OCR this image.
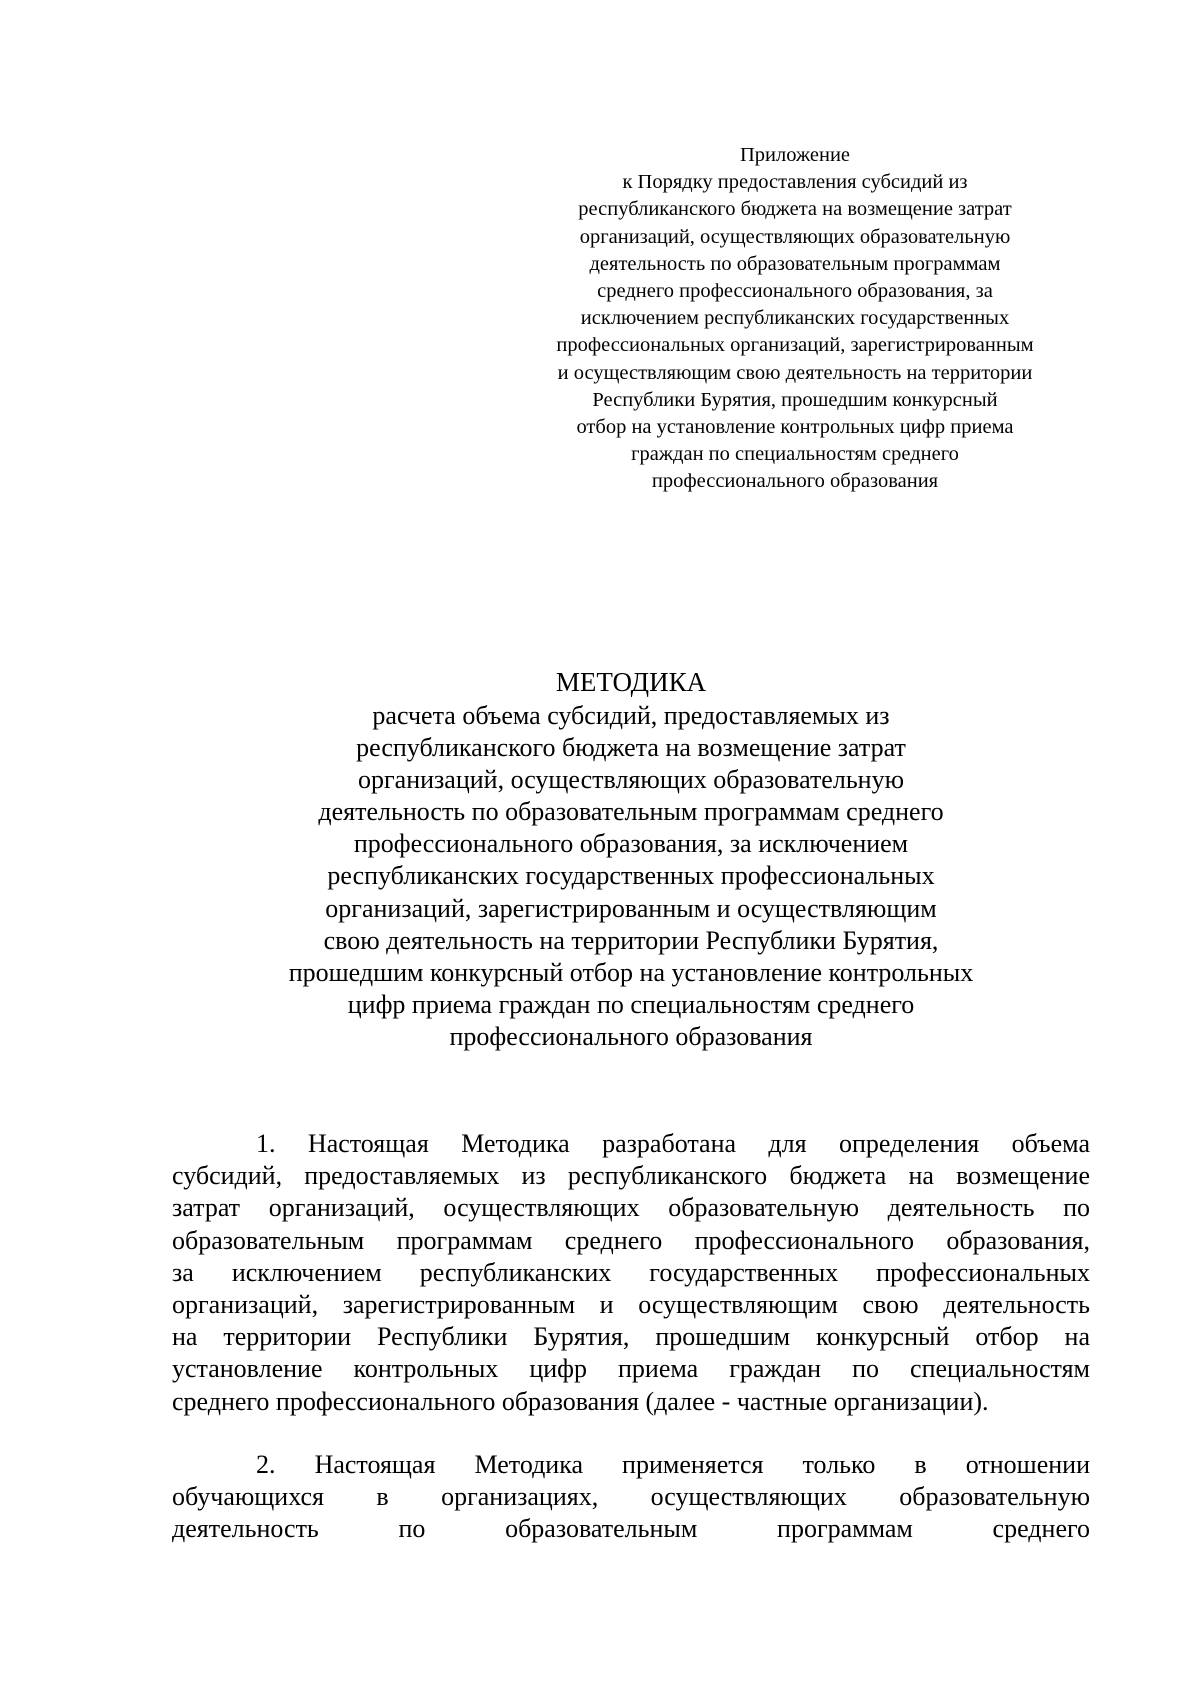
Приложение
к Порядку предоставления субсидий из
республиканского бюджета на возмещение затрат
организаций, осуществляющих образовательную
деятельность по образовательным программам
среднего профессионального образования, за
исключением республиканских государственных
профессиональных организаций, зарегистрированным
и осуществляющим свою деятельность на территории
Республики Бурятия, прошедшим конкурсный
отбор на установление контрольных цифр приема
граждан по специальностям среднего
профессионального образования
МЕТОДИКА
расчета объема субсидий, предоставляемых из
республиканского бюджета на возмещение затрат
организаций, осуществляющих образовательную
деятельность по образовательным программам среднего
профессионального образования, за исключением
республиканских государственных профессиональных
организаций, зарегистрированным и осуществляющим
свою деятельность на территории Республики Бурятия,
прошедшим конкурсный отбор на установление контрольных
цифр приема граждан по специальностям среднего
профессионального образования
1. Настоящая Методика разработана для определения объема
субсидий, предоставляемых из республиканского бюджета на возмещение
затрат организаций, осуществляющих образовательную деятельность по
образовательным программам среднего профессионального образования,
за исключением республиканских государственных профессиональных
организаций, зарегистрированным и осуществляющим свою деятельность
на территории Республики Бурятия, прошедшим конкурсный отбор на
установление контрольных цифр приема граждан по специальностям
среднего профессионального образования (далее - частные организации).
2. Настоящая Методика применяется только в отношении
обучающихся в организациях, осуществляющих образовательную
деятельность по образовательным программам среднего
